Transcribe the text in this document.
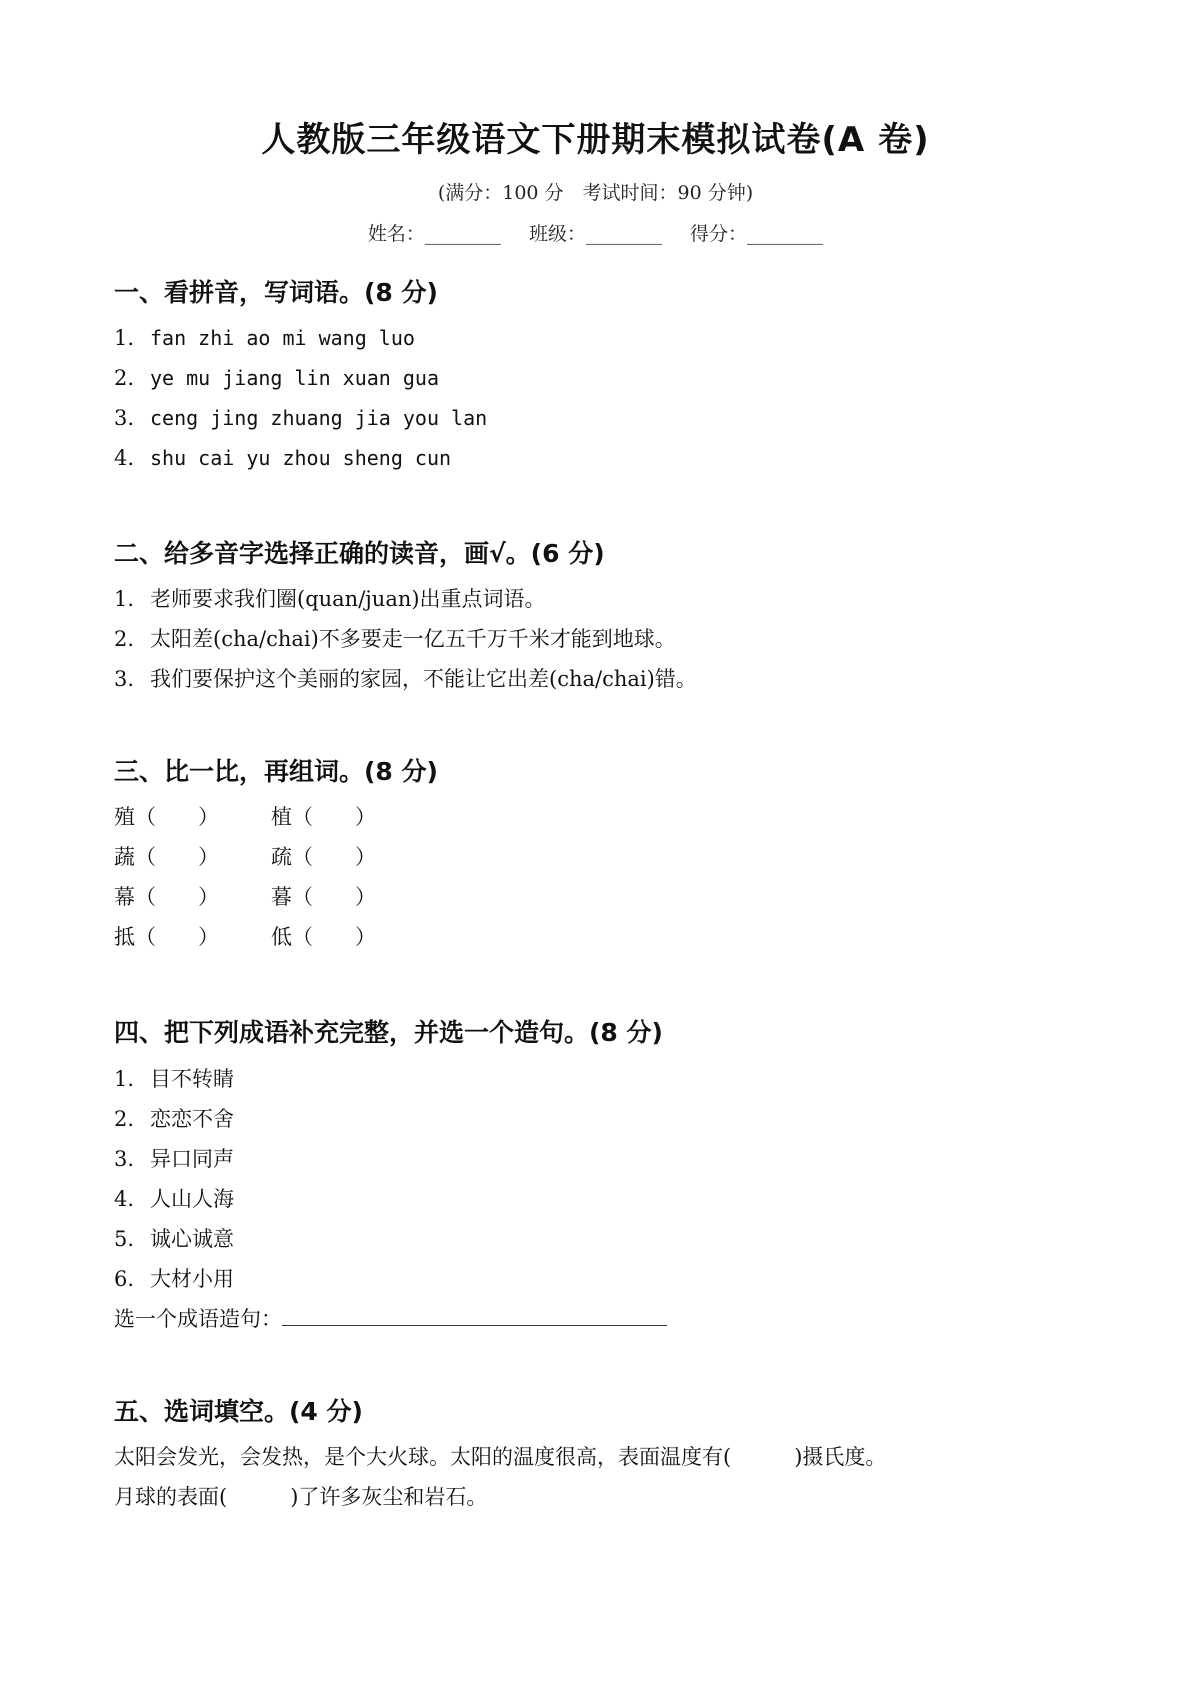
人教版三年级语文下册期末模拟试卷(A 卷)
(满分：100 分　考试时间：90 分钟)
姓名：________ 班级：________ 得分：________
一、看拼音，写词语。(8 分)
1. fan zhi ao mi wang luo
2. ye mu jiang lin xuan gua
3. ceng jing zhuang jia you lan
4. shu cai yu zhou sheng cun
二、给多音字选择正确的读音，画√。(6 分)
1. 老师要求我们圈(quan/juan)出重点词语。
2. 太阳差(cha/chai)不多要走一亿五千万千米才能到地球。
3. 我们要保护这个美丽的家园，不能让它出差(cha/chai)错。
三、比一比，再组词。(8 分)
殖（　　） 植（　　）
蔬（　　） 疏（　　）
幕（　　） 暮（　　）
抵（　　） 低（　　）
四、把下列成语补充完整，并选一个造句。(8 分)
1. 目不转睛
2. 恋恋不舍
3. 异口同声
4. 人山人海
5. 诚心诚意
6. 大材小用
选一个成语造句：
五、选词填空。(4 分)
太阳会发光，会发热，是个大火球。太阳的温度很高，表面温度有(　　　)摄氏度。
月球的表面(　　　)了许多灰尘和岩石。
